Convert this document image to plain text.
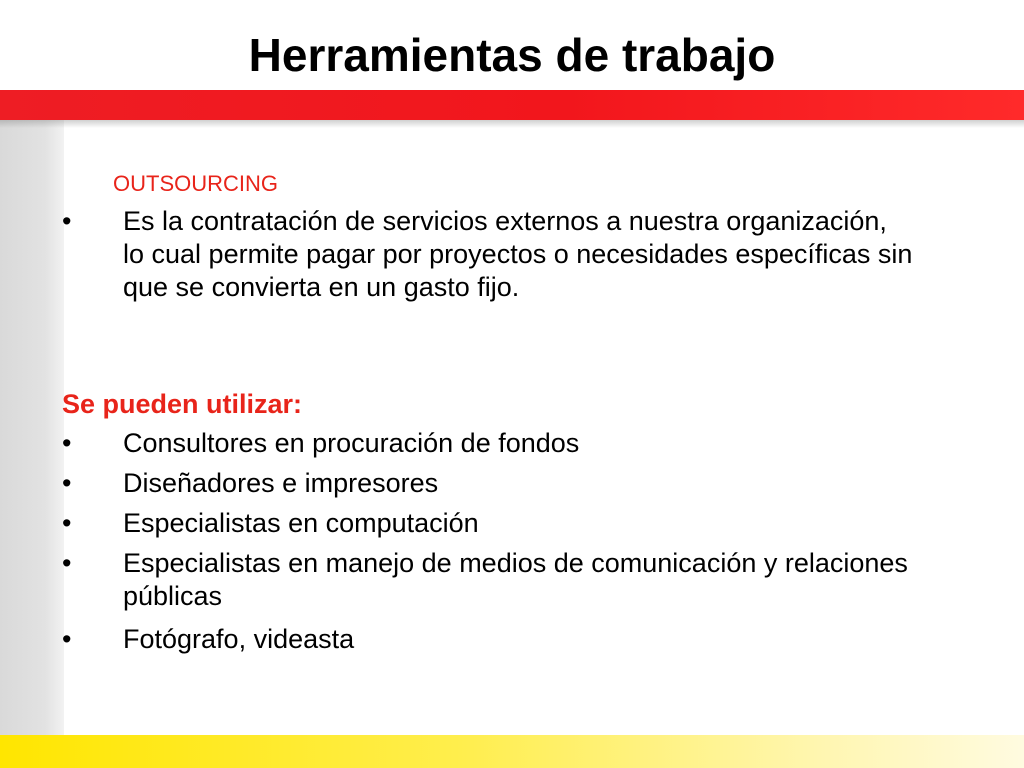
Herramientas de trabajo
OUTSOURCING
•	Es la contratación de servicios externos a nuestra organización, lo cual permite pagar por proyectos o necesidades específicas sin que se convierta en un gasto fijo.
Se pueden utilizar:
•	Consultores en procuración de fondos
•	Diseñadores e impresores
•	Especialistas en computación
•	Especialistas en manejo de medios de comunicación y relaciones públicas
•	Fotógrafo, videasta
